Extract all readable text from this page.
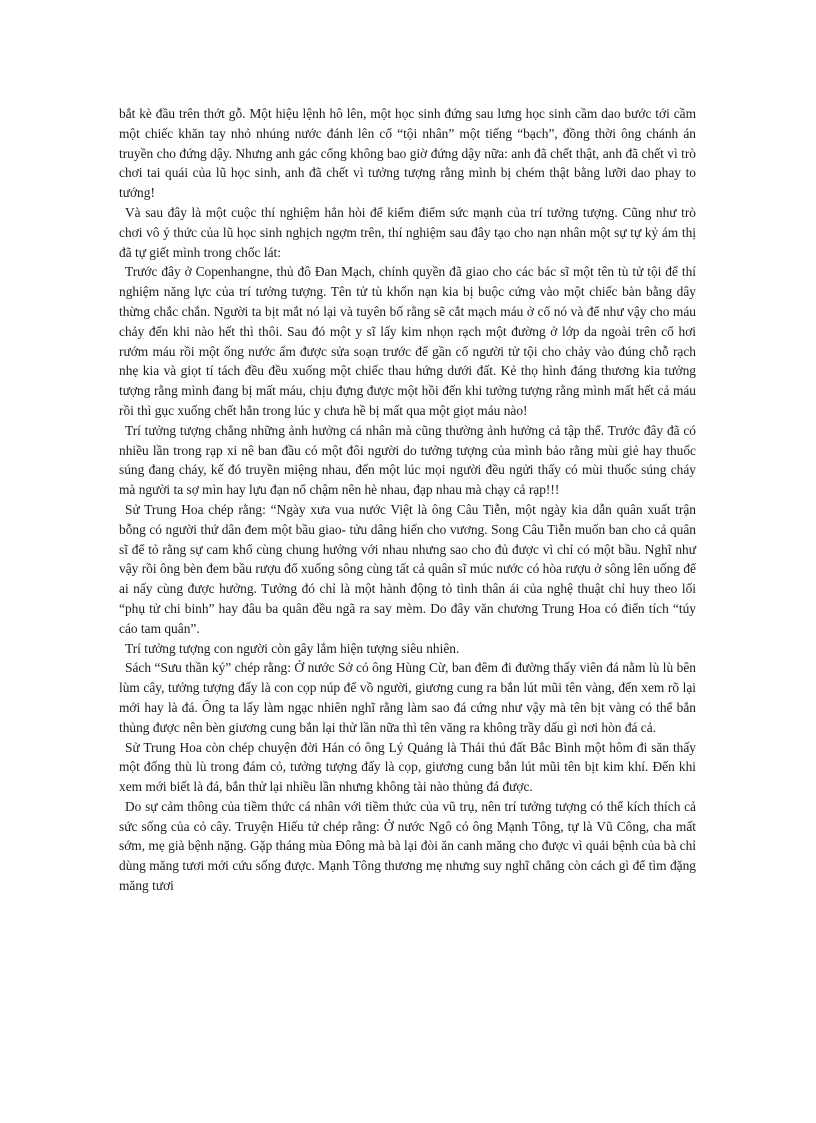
bắt kè đầu trên thớt gỗ. Một hiệu lệnh hô lên, một học sinh đứng sau lưng học sinh cầm dao bước tới cầm một chiếc khăn tay nhỏ nhúng nước đánh lên cổ “tội nhân” một tiếng “bạch”, đồng thời ông chánh án truyền cho đứng dậy. Nhưng anh gác cổng không bao giờ đứng dậy nữa: anh đã chết thật, anh đã chết vì trò chơi tai quái của lũ học sinh, anh đã chết vì tưởng tượng rằng mình bị chém thật bằng lưỡi dao phay to tướng!

Và sau đây là một cuộc thí nghiệm hẳn hòi để kiểm điểm sức mạnh của trí tưởng tượng. Cũng như trò chơi vô ý thức của lũ học sinh nghịch ngợm trên, thí nghiệm sau đây tạo cho nạn nhân một sự tự kỷ ám thị đã tự giết mình trong chốc lát:

Trước đây ở Copenhangne, thủ đô Đan Mạch, chính quyền đã giao cho các bác sĩ một tên tù tử tội để thí nghiệm năng lực của trí tưởng tượng. Tên tử tù khốn nạn kia bị buộc cứng vào một chiếc bàn bằng dây thừng chắc chắn. Người ta bịt mắt nó lại và tuyên bố rằng sẽ cắt mạch máu ở cổ nó và để như vậy cho máu chảy đến khi nào hết thì thôi. Sau đó một y sĩ lấy kim nhọn rạch một đường ở lớp da ngoài trên cổ hơi rướm máu rồi một ống nước ấm được sửa soạn trước để gần cổ người tử tội cho chảy vào đúng chỗ rạch nhẹ kia và giọt tí tách đều đều xuống một chiếc thau hứng dưới đất. Kẻ thọ hình đáng thương kia tưởng tượng rằng mình đang bị mất máu, chịu đựng được một hồi đến khi tưởng tượng rằng mình mất hết cả máu rồi thì gục xuống chết hẳn trong lúc y chưa hề bị mất qua một giọt máu nào!

Trí tưởng tượng chẳng những ảnh hưởng cá nhân mà cũng thường ảnh hưởng cả tập thể. Trước đây đã có nhiều lần trong rạp xi nê ban đầu có một đôi người do tưởng tượng của mình bảo rằng mùi giẻ hay thuốc súng đang cháy, kế đó truyền miệng nhau, đến một lúc mọi người đều ngửi thấy có mùi thuốc súng cháy mà người ta sợ mìn hay lựu đạn nổ chậm nên hè nhau, đạp nhau mà chạy cả rạp!!!

Sử Trung Hoa chép rằng: “Ngày xưa vua nước Việt là ông Câu Tiễn, một ngày kia dẫn quân xuất trận bỗng có người thứ dân đem một bầu giao- tửu dâng hiến cho vương. Song Câu Tiễn muốn ban cho cả quân sĩ để tỏ rằng sự cam khổ cùng chung hưởng với nhau nhưng sao cho đủ được vì chỉ có một bầu. Nghĩ như vậy rồi ông bèn đem bầu rượu đổ xuống sông cùng tất cả quân sĩ múc nước có hòa rượu ở sông lên uống để ai nấy cùng được hưởng. Tưởng đó chỉ là một hành động tỏ tình thân ái của nghệ thuật chỉ huy theo lối “phụ tử chi binh” hay đâu ba quân đều ngã ra say mèm. Do đây văn chương Trung Hoa có điển tích “túy cáo tam quân”.

Trí tưởng tượng con người còn gây lắm hiện tượng siêu nhiên.

Sách “Sưu thần ký” chép rằng: Ở nước Sở có ông Hùng Cừ, ban đêm đi đường thấy viên đá nằm lù lù bên lùm cây, tưởng tượng đấy là con cọp núp để vồ người, giương cung ra bắn lút mũi tên vàng, đến xem rõ lại mới hay là đá. Ông ta lấy làm ngạc nhiên nghĩ rằng làm sao đá cứng như vậy mà tên bịt vàng có thể bắn thủng được nên bèn giương cung bắn lại thử lần nữa thì tên văng ra không trầy dấu gì nơi hòn đá cả.

Sử Trung Hoa còn chép chuyện đời Hán có ông Lý Quảng là Thái thú đất Bắc Bình một hôm đi săn thấy một đống thù lù trong đám cỏ, tưởng tượng đấy là cọp, giương cung bắn lút mũi tên bịt kim khí. Đến khi xem mới biết là đá, bắn thử lại nhiều lần nhưng không tài nào thủng đá được.

Do sự cảm thông của tiềm thức cá nhân với tiềm thức của vũ trụ, nên trí tưởng tượng có thể kích thích cả sức sống của cỏ cây. Truyện Hiếu tử chép rằng: Ở nước Ngô có ông Mạnh Tông, tự là Vũ Công, cha mất sớm, mẹ già bệnh nặng. Gặp tháng mùa Đông mà bà lại đòi ăn canh măng cho được vì quái bệnh của bà chỉ dùng măng tươi mới cứu sống được. Mạnh Tông thương mẹ nhưng suy nghĩ chẳng còn cách gì để tìm đặng măng tươi
